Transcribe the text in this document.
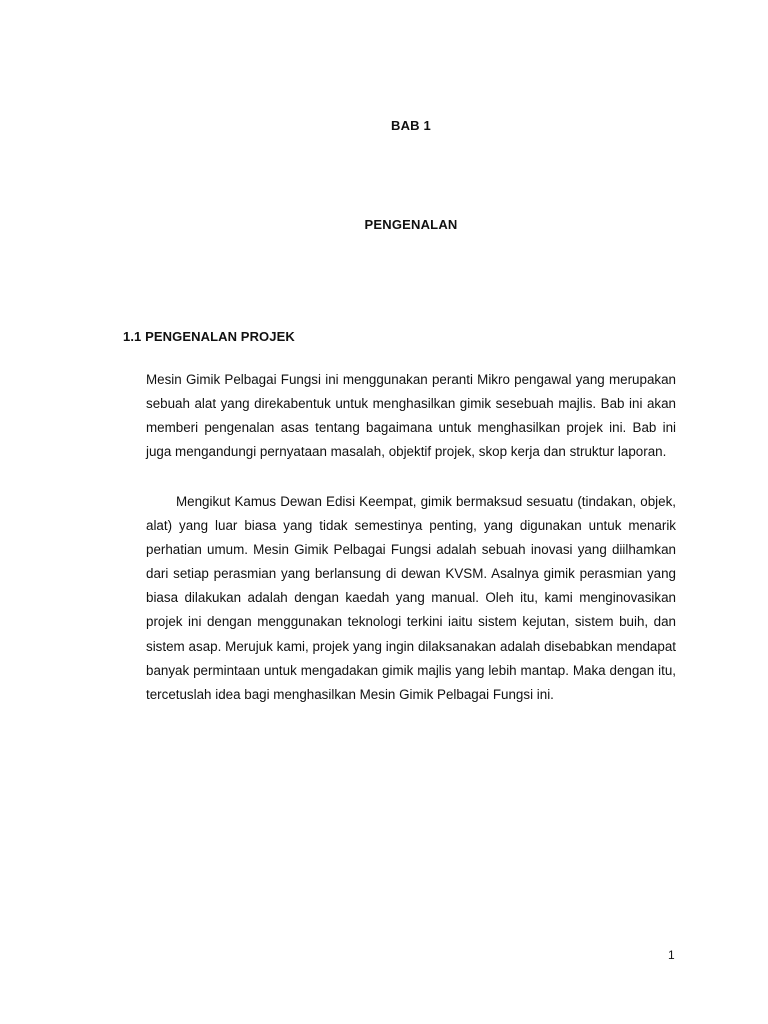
BAB 1
PENGENALAN
1.1 PENGENALAN PROJEK

Mesin Gimik Pelbagai Fungsi ini menggunakan peranti Mikro pengawal yang merupakan sebuah alat yang direkabentuk untuk menghasilkan gimik sesebuah majlis. Bab ini akan memberi pengenalan asas tentang bagaimana untuk menghasilkan projek ini. Bab ini juga mengandungi pernyataan masalah, objektif projek, skop kerja dan struktur laporan.

Mengikut Kamus Dewan Edisi Keempat, gimik bermaksud sesuatu (tindakan, objek, alat) yang luar biasa yang tidak semestinya penting, yang digunakan untuk menarik perhatian umum. Mesin Gimik Pelbagai Fungsi adalah sebuah inovasi yang diilhamkan dari setiap perasmian yang berlansung di dewan KVSM. Asalnya gimik perasmian yang biasa dilakukan adalah dengan kaedah yang manual. Oleh itu, kami menginovasikan projek ini dengan menggunakan teknologi terkini iaitu sistem kejutan, sistem buih, dan sistem asap. Merujuk kami, projek yang ingin dilaksanakan adalah disebabkan mendapat banyak permintaan untuk mengadakan gimik majlis yang lebih mantap. Maka dengan itu, tercetuslah idea bagi menghasilkan Mesin Gimik Pelbagai Fungsi ini.

1
